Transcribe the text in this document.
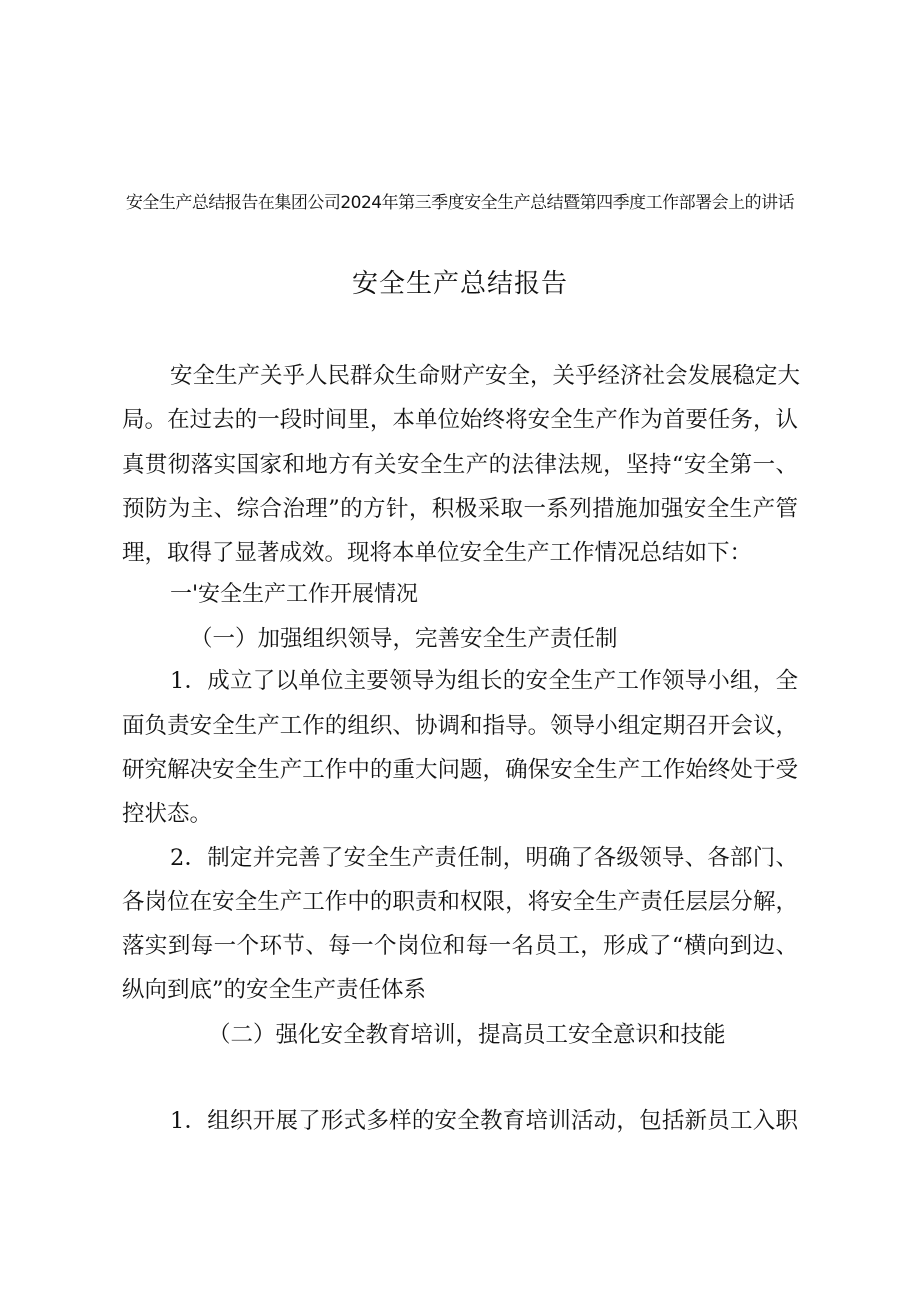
安全生产总结报告在集团公司2024年第三季度安全生产总结暨第四季度工作部署会上的讲话
安全生产总结报告
安全生产关乎人民群众生命财产安全，关乎经济社会发展稳定大
局。在过去的一段时间里，本单位始终将安全生产作为首要任务，认
真贯彻落实国家和地方有关安全生产的法律法规，坚持“安全第一、
预防为主、综合治理”的方针，积极采取一系列措施加强安全生产管
理，取得了显著成效。现将本单位安全生产工作情况总结如下：
一'安全生产工作开展情况
（一）加强组织领导，完善安全生产责任制
1．成立了以单位主要领导为组长的安全生产工作领导小组，全
面负责安全生产工作的组织、协调和指导。领导小组定期召开会议，
研究解决安全生产工作中的重大问题，确保安全生产工作始终处于受
控状态。
2．制定并完善了安全生产责任制，明确了各级领导、各部门、
各岗位在安全生产工作中的职责和权限，将安全生产责任层层分解，
落实到每一个环节、每一个岗位和每一名员工，形成了“横向到边、
纵向到底”的安全生产责任体系
（二）强化安全教育培训，提高员工安全意识和技能
1．组织开展了形式多样的安全教育培训活动，包括新员工入职
